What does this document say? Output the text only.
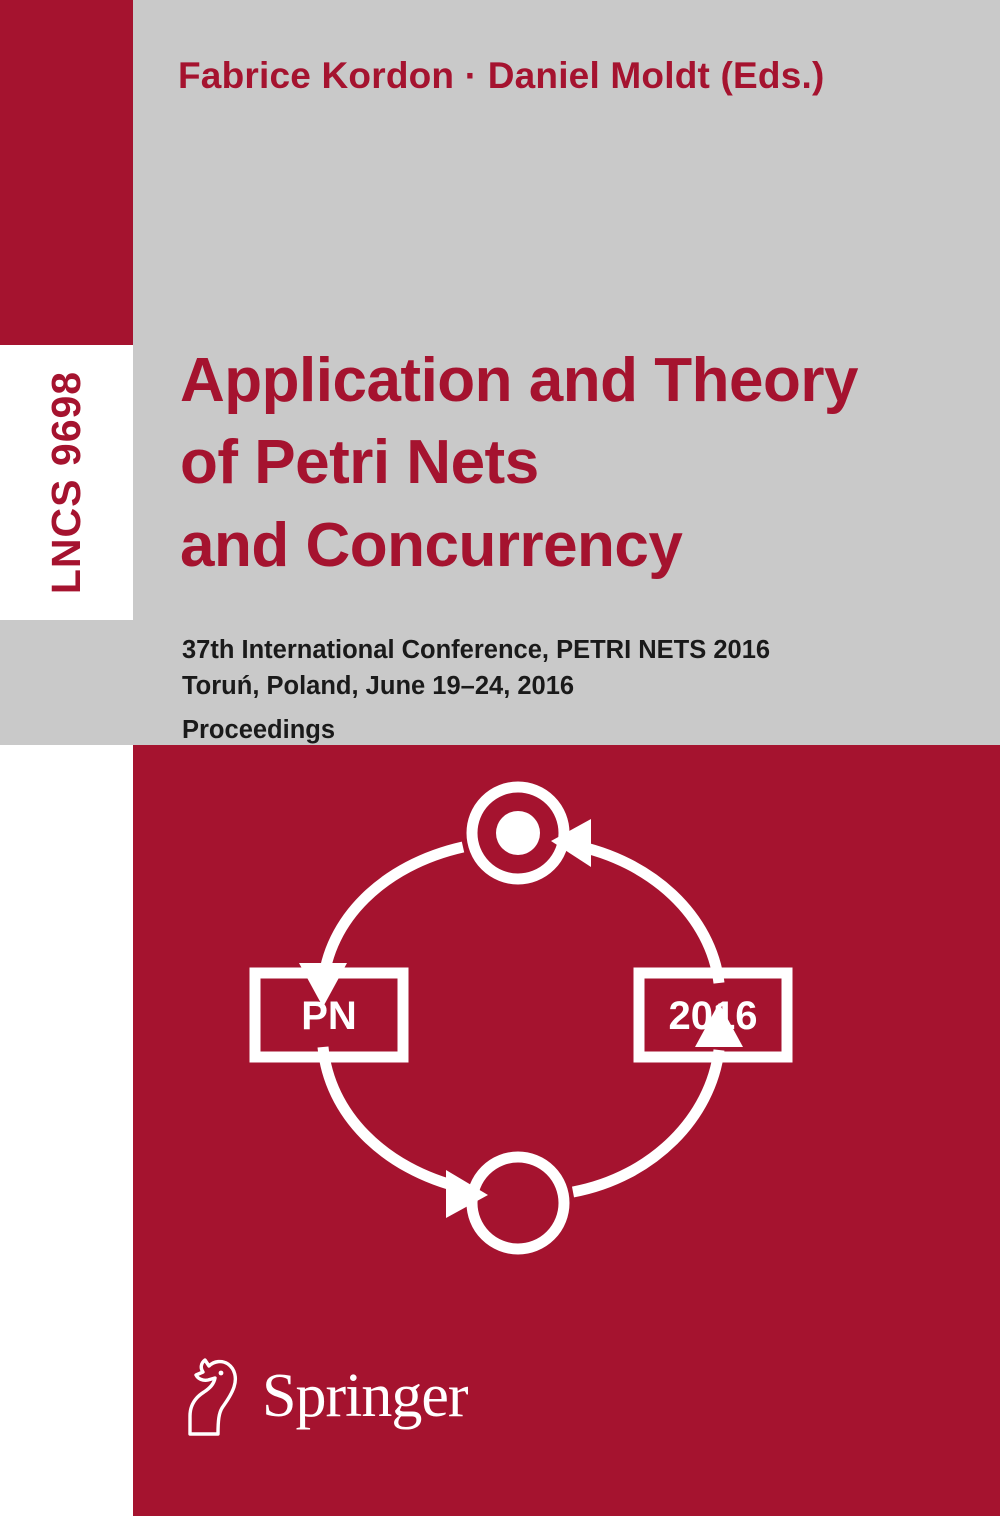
LNCS 9698
Fabrice Kordon · Daniel Moldt (Eds.)
Application and Theory
of Petri Nets
and Concurrency
37th International Conference, PETRI NETS 2016
Toruń, Poland, June 19–24, 2016
Proceedings
PN	2016
Springer
